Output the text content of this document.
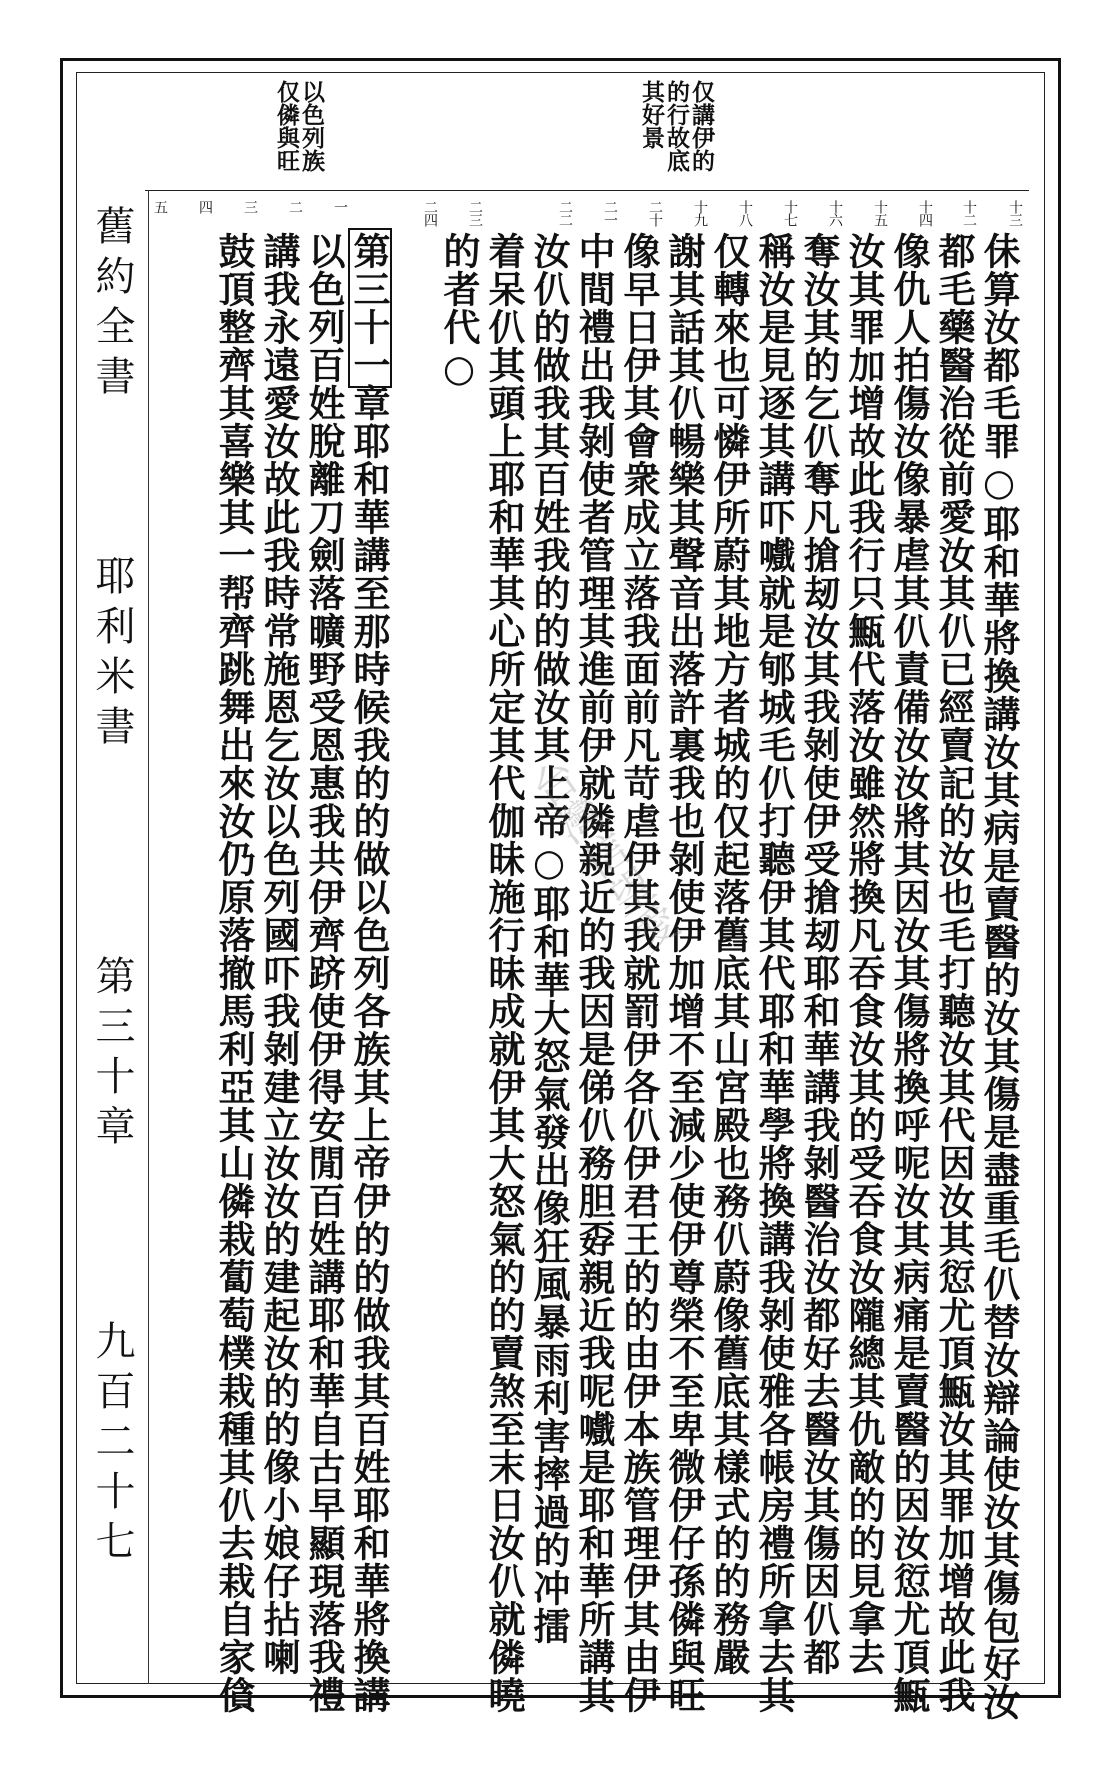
舊約全書
耶利米書
第三十章
九百二十七
仅講伊的
的行故底
其好景
以色列族
仅僯與旺
十三
十二
十四
十五
十六
十七
十八
十九
二十
二一
二二
二三
二四
一
二
三
四
五
佅算汝都毛罪○耶和華將換講汝其病是賣醫的汝其傷是盡重毛仈替汝辯論使汝其傷包好汝
都毛藥醫治從前愛汝其仈已經賣記的汝也毛打聽汝其代因汝其愆尤頂甒汝其罪加增故此我
像仇人拍傷汝像暴虐其仈責備汝汝將其因汝其傷將換呼呢汝其病痛是賣醫的因汝愆尤頂甒
汝其罪加增故此我行只甒代落汝雖然將換凡吞食汝其的受吞食汝隴總其仇敵的的見拿去
奪汝其的乞仈奪凡搶刼汝其我剝使伊受搶刼耶和華講我剝醫治汝都好去醫汝其傷因仈都
稱汝是見逐其講吓嚱就是郇城毛仈打聽伊其代耶和華學將換講我剝使雅各帳房禮所拿去其
仅轉來也可憐伊所蔚其地方者城的仅起落舊底其山宮殿也務仈蔚像舊底其樣式的的務嚴
謝其話其仈暢樂其聲音出落許裏我也剝使伊加增不至減少使伊尊榮不至卑微伊仔孫僯與旺
像早日伊其會衆成立落我面前凡苛虐伊其我就罰伊各仈伊君王的的由伊本族管理伊其由伊
中間禮出我剝使者管理其進前伊就僯親近的我因是俤仈務胆孬親近我呢嚱是耶和華所講其
汝仈的做我其百姓我的的做汝其上帝○耶和華大怒氣發出像狂風暴雨利害摔過的冲擂
着呆仈其頭上耶和華其心所定其代伽昧施行昧成就伊其大怒氣的的賣煞至末日汝仈就僯曉
的者代○
第三十一章耶和華講至那時候我的的做以色列各族其上帝伊的的做我其百姓耶和華將換講
以色列百姓脫離刀劍落曠野受恩惠我共伊齊跻使伊得安閒百姓講耶和華自古早顯現落我禮
講我永遠愛汝故此我時常施恩乞汝以色列國吓我剝建立汝汝的建起汝的的像小娘仔拈喇
鼓頂整齊其喜樂其一帮齊跳舞出來汝仍原落撤馬利亞其山僯栽蔔萄樸栽種其仈去栽自家僋	台灣信望愛
